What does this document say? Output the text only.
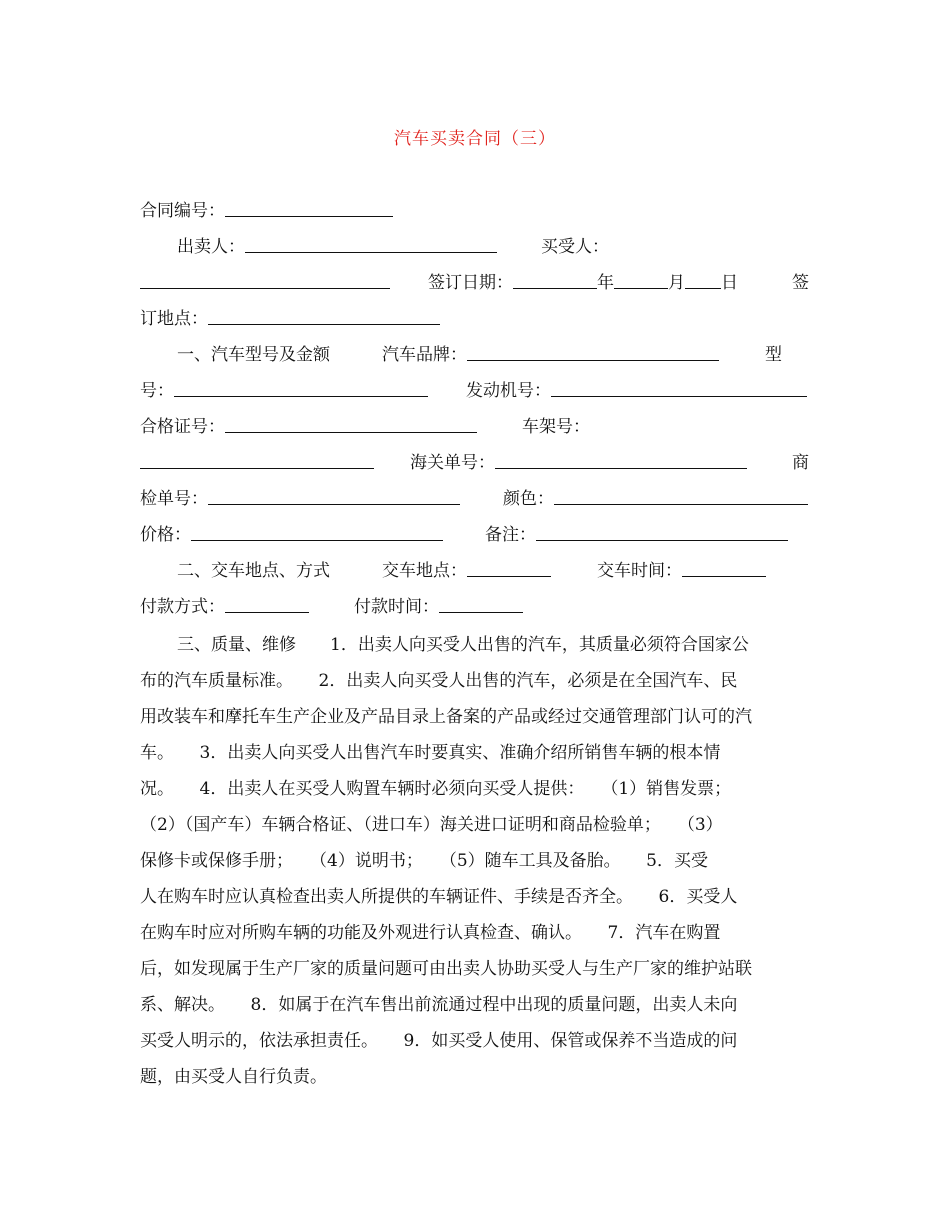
汽车买卖合同（三）
合同编号：
出卖人：	买受人：
签订日期：	年	月 日	签
订地点：
一、汽车型号及金额	汽车品牌：	型
号：	发动机号：
合格证号：	车架号：
海关单号：	商
检单号：	颜色：
价格：	备注：
二、交车地点、方式	交车地点：	交车时间：
付款方式：	付款时间：
三、质量、维修　　1．出卖人向买受人出售的汽车，其质量必须符合国家公
布的汽车质量标准。　　2．出卖人向买受人出售的汽车，必须是在全国汽车、民
用改装车和摩托车生产企业及产品目录上备案的产品或经过交通管理部门认可的汽
车。　　3．出卖人向买受人出售汽车时要真实、准确介绍所销售车辆的根本情
况。　　4．出卖人在买受人购置车辆时必须向买受人提供：　　（1）销售发票；
（2）（国产车）车辆合格证、（进口车）海关进口证明和商品检验单；　　（3）
保修卡或保修手册；　　（4）说明书；　　（5）随车工具及备胎。　　5．买受
人在购车时应认真检查出卖人所提供的车辆证件、手续是否齐全。　　6．买受人
在购车时应对所购车辆的功能及外观进行认真检查、确认。　　7．汽车在购置
后，如发现属于生产厂家的质量问题可由出卖人协助买受人与生产厂家的维护站联
系、解决。　　8．如属于在汽车售出前流通过程中出现的质量问题，出卖人未向
买受人明示的，依法承担责任。　　9．如买受人使用、保管或保养不当造成的问
题，由买受人自行负责。
